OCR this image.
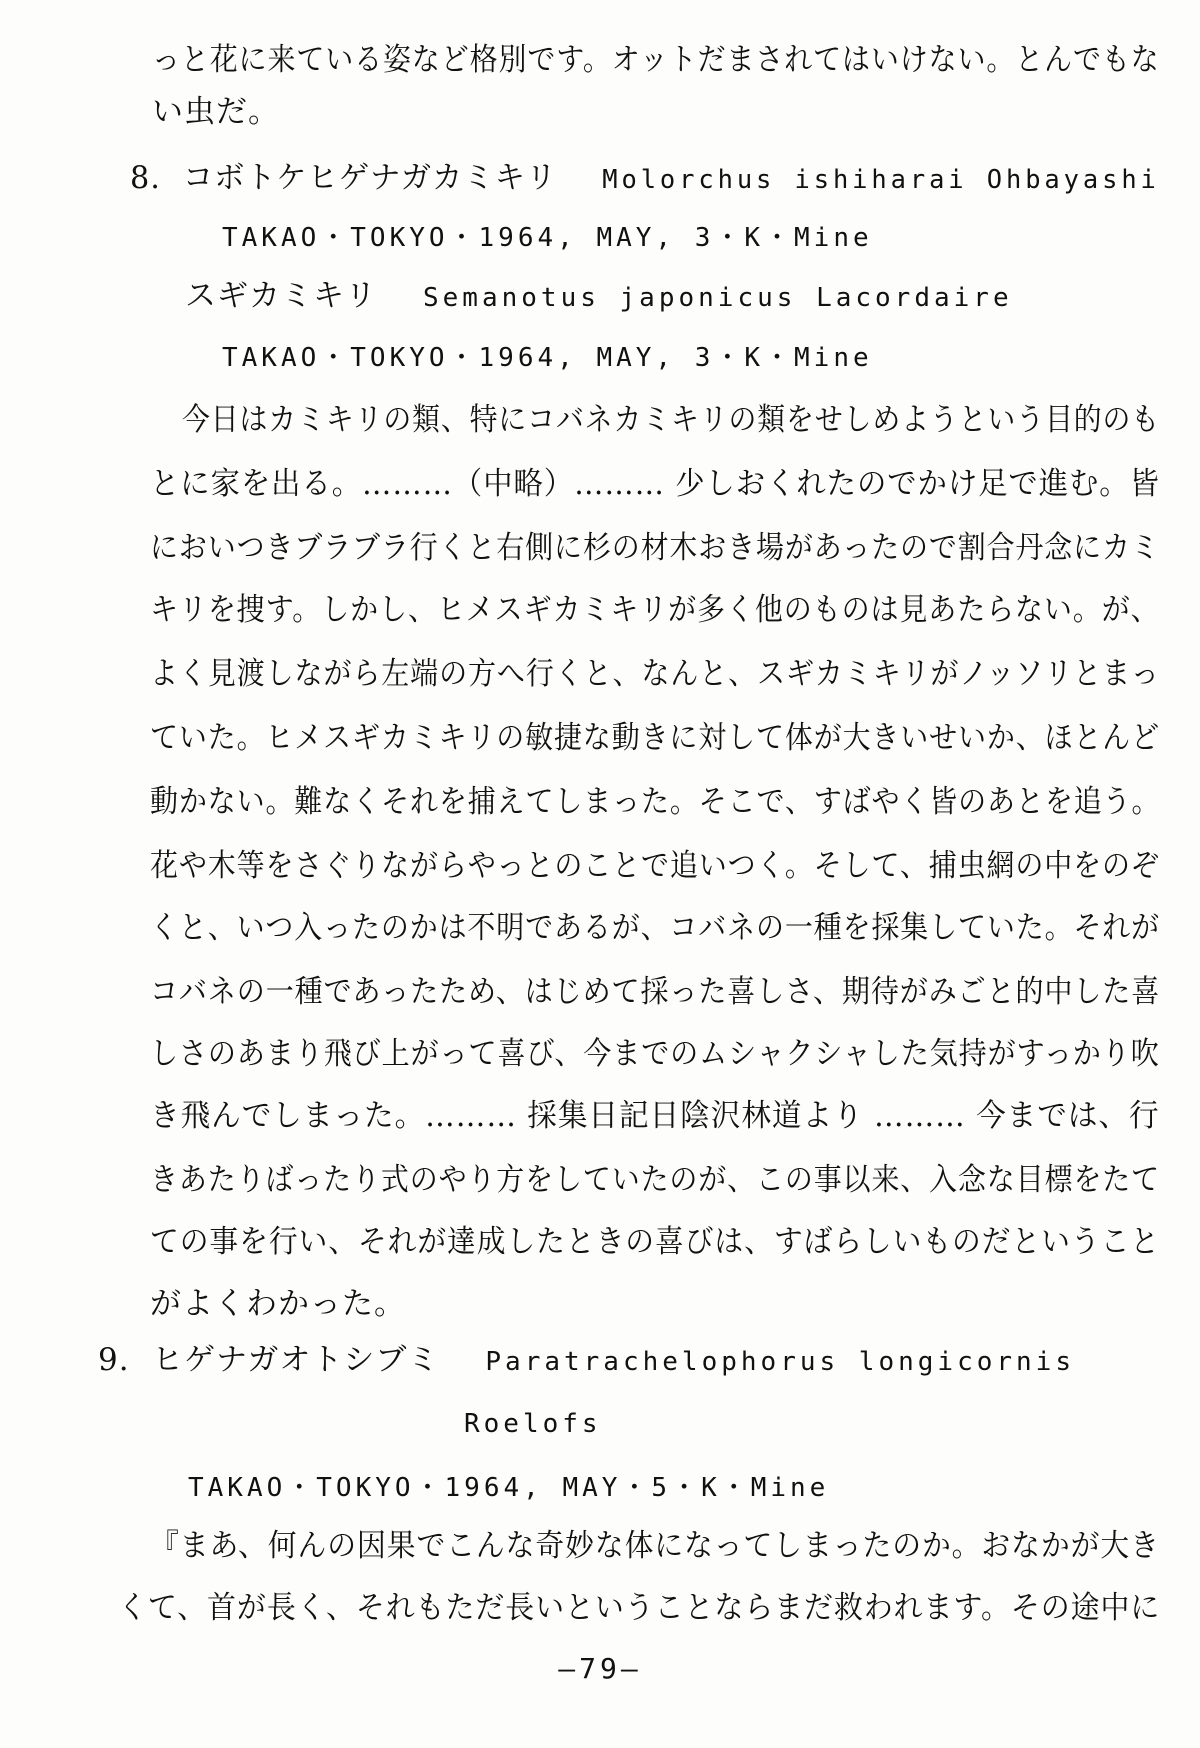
っと花に来ている姿など格別です。オットだまされてはいけない。とんでもな
い虫だ。
8. コボトケヒゲナガカミキリ Molorchus ishiharai Ohbayashi
TAKAO・TOKYO・1964, MAY, 3・K・Mine
スギカミキリ Semanotus japonicus Lacordaire
TAKAO・TOKYO・1964, MAY, 3・K・Mine
今日はカミキリの類、特にコバネカミキリの類をせしめようという目的のも
とに家を出る。………（中略）……… 少しおくれたのでかけ足で進む。皆
においつきブラブラ行くと右側に杉の材木おき場があったので割合丹念にカミ
キリを捜す。しかし、ヒメスギカミキリが多く他のものは見あたらない。が、
よく見渡しながら左端の方へ行くと、なんと、スギカミキリがノッソリとまっ
ていた。ヒメスギカミキリの敏捷な動きに対して体が大きいせいか、ほとんど
動かない。難なくそれを捕えてしまった。そこで、すばやく皆のあとを追う。
花や木等をさぐりながらやっとのことで追いつく。そして、捕虫網の中をのぞ
くと、いつ入ったのかは不明であるが、コバネの一種を採集していた。それが
コバネの一種であったため、はじめて採った喜しさ、期待がみごと的中した喜
しさのあまり飛び上がって喜び、今までのムシャクシャした気持がすっかり吹
き飛んでしまった。……… 採集日記日陰沢林道より ……… 今までは、行
きあたりばったり式のやり方をしていたのが、この事以来、入念な目標をたて
ての事を行い、それが達成したときの喜びは、すばらしいものだということ
がよくわかった。
9. ヒゲナガオトシブミ Paratrachelophorus longicornis
Roelofs
TAKAO・TOKYO・1964, MAY・5・K・Mine
『まあ、何んの因果でこんな奇妙な体になってしまったのか。おなかが大き
くて、首が長く、それもただ長いということならまだ救われます。その途中に
—79—
